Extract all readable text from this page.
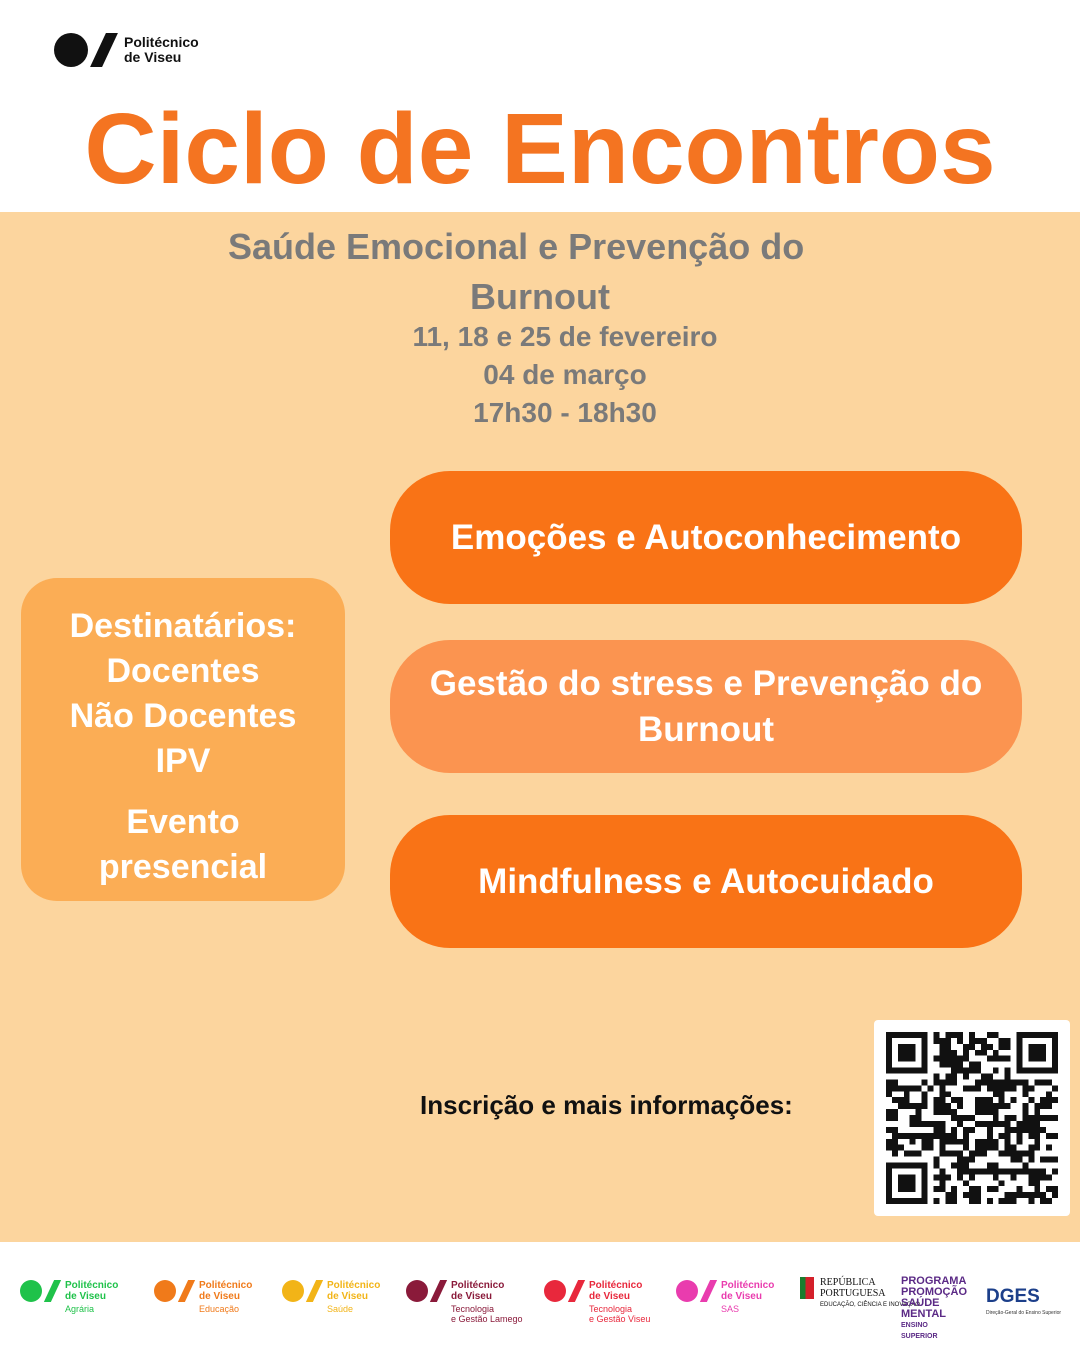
Politécnico
de Viseu
Ciclo de Encontros
Saúde Emocional e Prevenção do
Burnout
11, 18 e 25 de fevereiro
04 de março
17h30 - 18h30
Emoções e Autoconhecimento
Gestão do stress e Prevenção do
Burnout
Mindfulness e Autocuidado
Destinatários:
Docentes
Não Docentes
IPV
Evento
presencial
Inscrição e mais informações:
Politécnico
de Viseu
Agrária
Politécnico
de Viseu
Educação
Politécnico
de Viseu
Saúde
Politécnico
de Viseu
Tecnologia
e Gestão Lamego
Politécnico
de Viseu
Tecnologia
e Gestão Viseu
Politécnico
de Viseu
SAS
REPÚBLICA
PORTUGUESA
EDUCAÇÃO, CIÊNCIA E INOVAÇÃO
PROGRAMA
PROMOÇÃO
SAÚDE MENTAL
ENSINO SUPERIOR
DGES
Direção-Geral do Ensino Superior
